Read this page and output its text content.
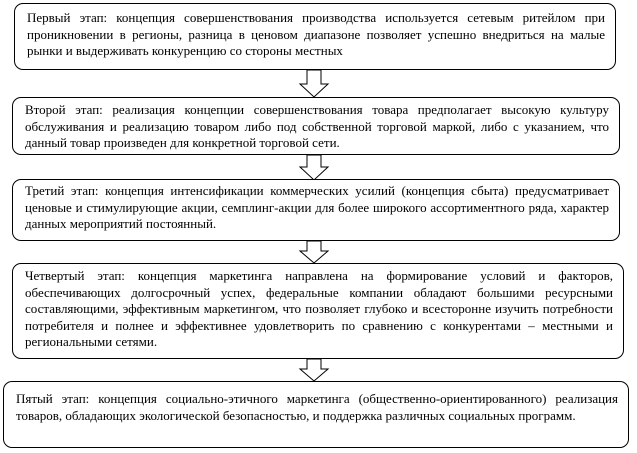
Первый этап: концепция совершенствования производства используется сетевым ритейлом при проникновении в регионы, разница в ценовом диапазоне позволяет успешно внедриться на малые рынки и выдерживать конкуренцию со стороны местных
Второй этап: реализация концепции совершенствования товара предполагает высокую культуру обслуживания и реализацию товаром либо под собственной торговой маркой, либо с указанием, что данный товар произведен для конкретной торговой сети.
Третий этап: концепция интенсификации коммерческих усилий (концепция сбыта) предусматривает ценовые и стимулирующие акции, семплинг-акции для более широкого ассортиментного ряда, характер данных мероприятий постоянный.
Четвертый этап: концепция маркетинга направлена на формирование условий и факторов, обеспечивающих долгосрочный успех, федеральные компании обладают большими ресурсными составляющими, эффективным маркетингом, что позволяет глубоко и всесторонне изучить потребности потребителя и полнее и эффективнее удовлетворить по сравнению с конкурентами – местными и региональными сетями.
Пятый этап: концепция социально-этичного маркетинга (общественно-ориентированного) реализация товаров, обладающих экологической безопасностью, и поддержка различных социальных программ.
